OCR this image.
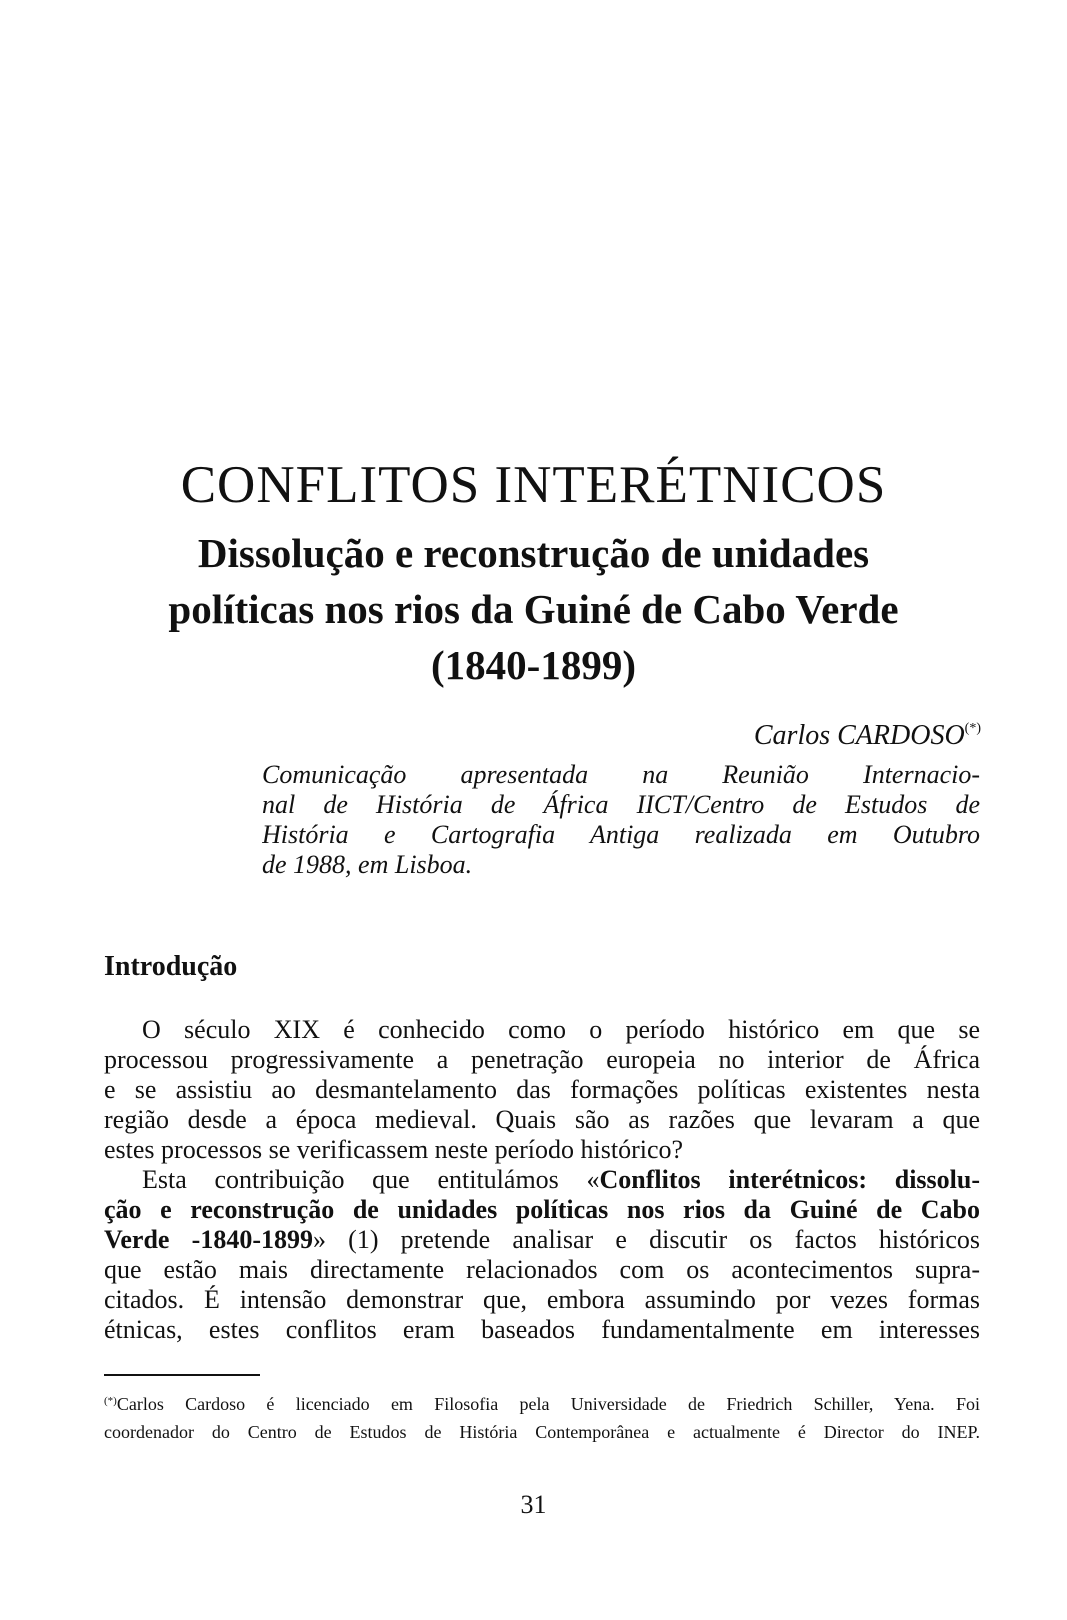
CONFLITOS INTERÉTNICOS
Dissolução e reconstrução de unidades
políticas nos rios da Guiné de Cabo Verde
(1840-1899)

Carlos CARDOSO(*)

Comunicação apresentada na Reunião Internacio-
nal de História de África IICT/Centro de Estudos de
História e Cartografia Antiga realizada em Outubro
de 1988, em Lisboa.

Introdução
O século XIX é conhecido como o período histórico em que se
processou progressivamente a penetração europeia no interior de África
e se assistiu ao desmantelamento das formações políticas existentes nesta
região desde a época medieval. Quais são as razões que levaram a que
estes processos se verificassem neste período histórico?
Esta contribuição que entitulámos «Conflitos interétnicos: dissolu-
ção e reconstrução de unidades políticas nos rios da Guiné de Cabo
Verde -1840-1899» (1) pretende analisar e discutir os factos históricos
que estão mais directamente relacionados com os acontecimentos supra-
citados. É intensão demonstrar que, embora assumindo por vezes formas
étnicas, estes conflitos eram baseados fundamentalmente em interesses

(*)Carlos Cardoso é licenciado em Filosofia pela Universidade de Friedrich Schiller, Yena. Foi
coordenador do Centro de Estudos de História Contemporânea e actualmente é Director do INEP.

31
